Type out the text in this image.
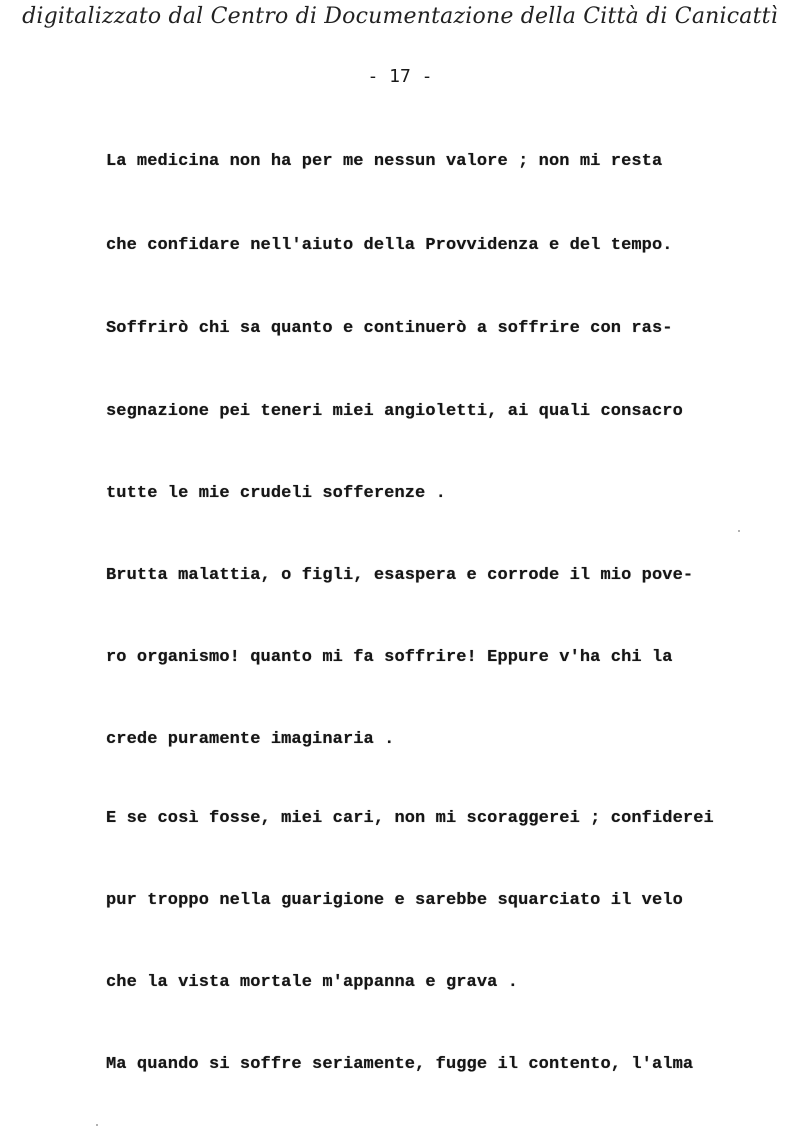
digitalizzato dal Centro di Documentazione della Città di Canicattì
- 17 -
La medicina non ha per me nessun valore ; non mi resta
che confidare nell'aiuto della Provvidenza e del tempo.
Soffrirò chi sa quanto e continuerò a soffrire con ras-
segnazione pei teneri miei angioletti, ai quali consacro
tutte le mie crudeli sofferenze .
Brutta malattia, o figli, esaspera e corrode il mio pove-
ro organismo! quanto mi fa soffrire! Eppure v'ha chi la
crede puramente imaginaria .
E se così fosse, miei cari, non mi scoraggerei ; confiderei
pur troppo nella guarigione e sarebbe squarciato il velo
che la vista mortale m'appanna e grava .
Ma quando si soffre seriamente, fugge il contento, l'alma
